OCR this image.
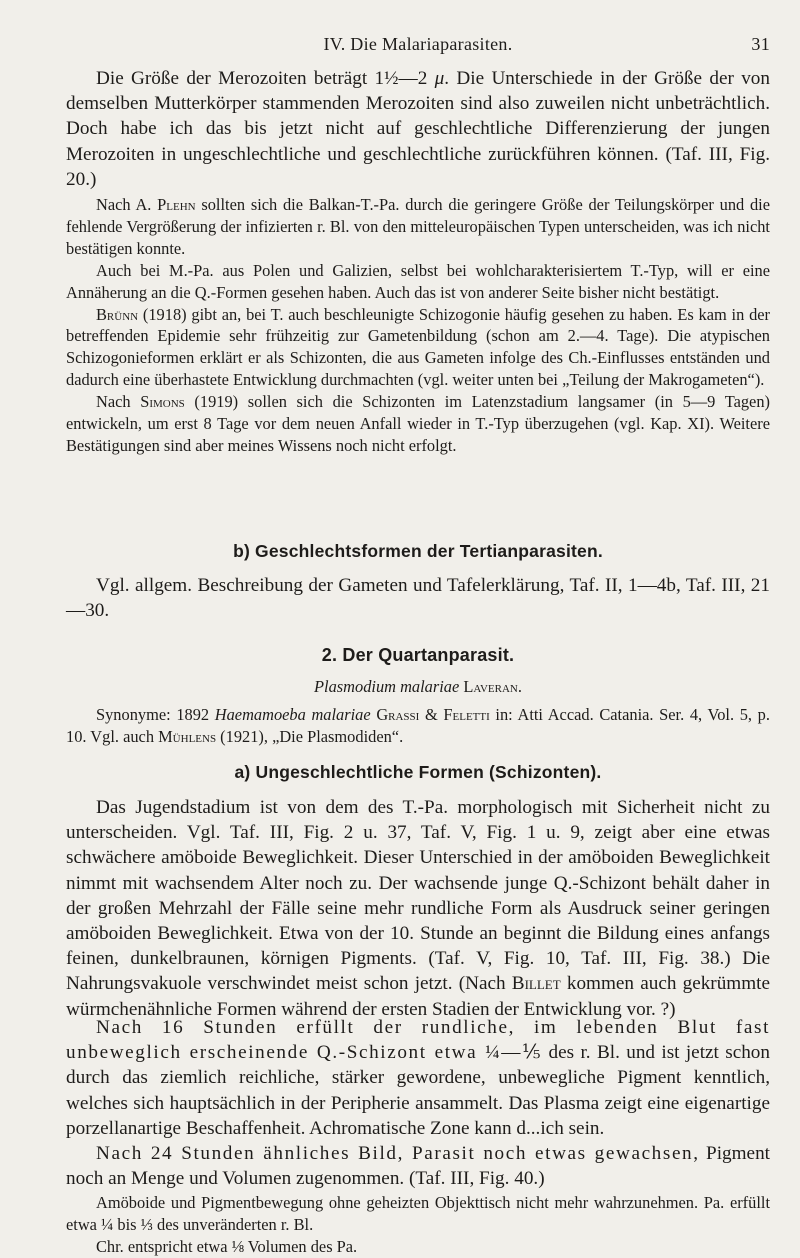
IV. Die Malariaparasiten.	31

Die Größe der Merozoiten beträgt 1½—2 μ. Die Unterschiede in der Größe der von demselben Mutterkörper stammenden Merozoiten sind also zuweilen nicht unbeträchtlich. Doch habe ich das bis jetzt nicht auf geschlechtliche Differenzierung der jungen Merozoiten in ungeschlechtliche und geschlechtliche zurückführen können. (Taf. III, Fig. 20.)

Nach A. Plehn sollten sich die Balkan-T.-Pa. durch die geringere Größe der Teilungskörper und die fehlende Vergrößerung der infizierten r. Bl. von den mitteleuropäischen Typen unterscheiden, was ich nicht bestätigen konnte.

Auch bei M.-Pa. aus Polen und Galizien, selbst bei wohlcharakterisiertem T.-Typ, will er eine Annäherung an die Q.-Formen gesehen haben. Auch das ist von anderer Seite bisher nicht bestätigt.

Brünn (1918) gibt an, bei T. auch beschleunigte Schizogonie häufig gesehen zu haben. Es kam in der betreffenden Epidemie sehr frühzeitig zur Gametenbildung (schon am 2.—4. Tage). Die atypischen Schizogonieformen erklärt er als Schizonten, die aus Gameten infolge des Ch.-Einflusses entständen und dadurch eine überhastete Entwicklung durchmachten (vgl. weiter unten bei „Teilung der Makrogameten“).

Nach Simons (1919) sollen sich die Schizonten im Latenzstadium langsamer (in 5—9 Tagen) entwickeln, um erst 8 Tage vor dem neuen Anfall wieder in T.-Typ überzugehen (vgl. Kap. XI). Weitere Bestätigungen sind aber meines Wissens noch nicht erfolgt.

b) Geschlechtsformen der Tertianparasiten.

Vgl. allgem. Beschreibung der Gameten und Tafelerklärung, Taf. II, 1—4b, Taf. III, 21—30.

2. Der Quartanparasit.
Plasmodium malariae Laveran.

Synonyme: 1892 Haemamoeba malariae Grassi & Feletti in: Atti Accad. Catania. Ser. 4, Vol. 5, p. 10. Vgl. auch Mühlens (1921), „Die Plasmodiden“.

a) Ungeschlechtliche Formen (Schizonten).

Das Jugendstadium ist von dem des T.-Pa. morphologisch mit Sicherheit nicht zu unterscheiden. Vgl. Taf. III, Fig. 2 u. 37, Taf. V, Fig. 1 u. 9, zeigt aber eine etwas schwächere amöboide Beweglichkeit. Dieser Unterschied in der amöboiden Beweglichkeit nimmt mit wachsendem Alter noch zu. Der wachsende junge Q.-Schizont behält daher in der großen Mehrzahl der Fälle seine mehr rundliche Form als Ausdruck seiner geringen amöboiden Beweglichkeit. Etwa von der 10. Stunde an beginnt die Bildung eines anfangs feinen, dunkelbraunen, körnigen Pigments. (Taf. V, Fig. 10, Taf. III, Fig. 38.) Die Nahrungsvakuole verschwindet meist schon jetzt. (Nach Billet kommen auch gekrümmte würmchenähnliche Formen während der ersten Stadien der Entwicklung vor. ?)

Nach 16 Stunden erfüllt der rundliche, im lebenden Blut fast unbeweglich erscheinende Q.-Schizont etwa ¼—⅕ des r. Bl. und ist jetzt schon durch das ziemlich reichliche, stärker gewordene, unbewegliche Pigment kenntlich, welches sich hauptsächlich in der Peripherie ansammelt. Das Plasma zeigt eine eigenartige porzellanartige Beschaffenheit. Achromatische Zone kann d...ich sein.

Nach 24 Stunden ähnliches Bild, Parasit noch etwas gewachsen, Pigment noch an Menge und Volumen zugenommen. (Taf. III, Fig. 40.)

Amöboide und Pigmentbewegung ohne geheizten Objekttisch nicht mehr wahrzunehmen. Pa. erfüllt etwa ¼ bis ⅓ des unveränderten r. Bl.

Chr. entspricht etwa ⅛ Volumen des Pa.
